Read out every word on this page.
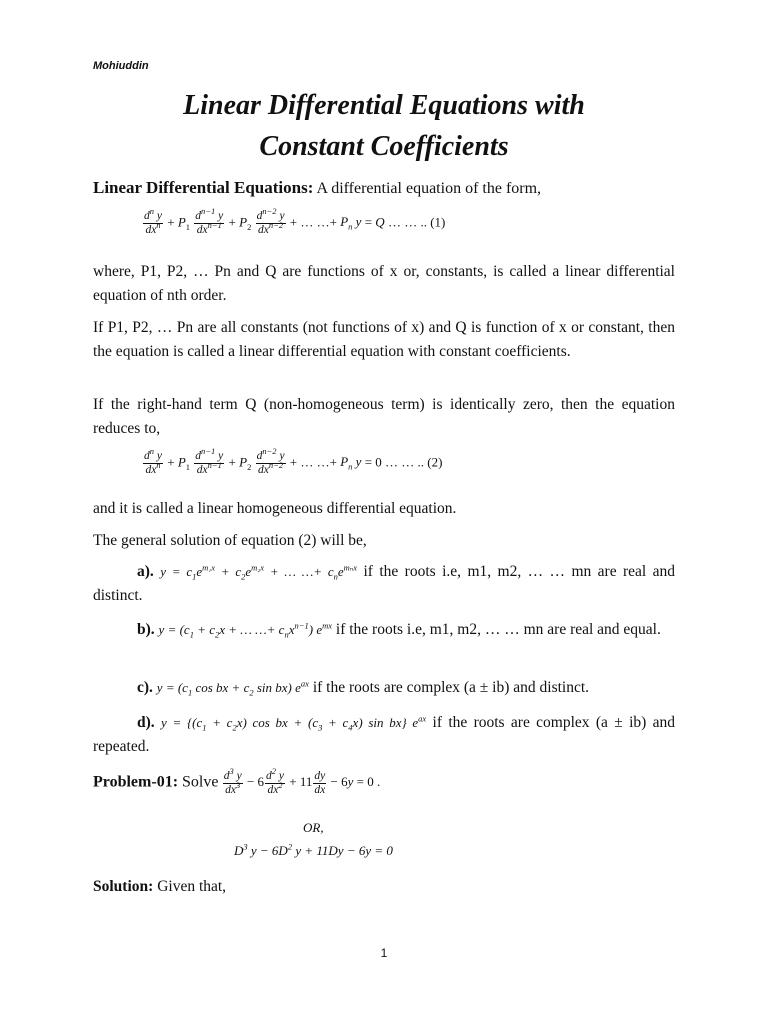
Mohiuddin
Linear Differential Equations with
Constant Coefficients
Linear Differential Equations: A differential equation of the form,
$\frac{d^n y}{dx^n} + P_1 \frac{d^{n-1} y}{dx^{n-1}} + P_2 \frac{d^{n-2} y}{dx^{n-2}}$ + … …+ $P_n$ y = Q … … .. (1)
where, P1, P2, … Pn and Q are functions of x or, constants, is called a linear differential equation of nth order.
If P1, P2, … Pn are all constants (not functions of x) and Q is function of x or constant, then the equation is called a linear differential equation with constant coefficients.
If the right-hand term Q (non-homogeneous term) is identically zero, then the equation reduces to,
$\frac{d^n y}{dx^n} + P_1 \frac{d^{n-1} y}{dx^{n-1}} + P_2 \frac{d^{n-2} y}{dx^{n-2}}$ + … …+ $P_n$ y = 0 … … .. (2)
and it is called a linear homogeneous differential equation.
The general solution of equation (2) will be,
a). $y = c_1e^{m_1x} + c_2e^{m_2x}$ + … …+ $c_ne^{m_nx}$ if the roots i.e, m1, m2, … … mn are real and distinct.
b). $y = (c_1 + c_2x$ + … …+ $c_nx^{n-1}$) $e^{mx}$ if the roots i.e, m1, m2, … … mn are real and equal.
c). $y = (c_1$ cos bx + $c_2$ sin bx) $e^{ax}$ if the roots are complex (a ± ib) and distinct.
d). $y = \{(c_1 + c_2x)$ cos bx + $(c_3 + c_4x)$ sin bx} $e^{ax}$ if the roots are complex (a ± ib) and repeated.
Problem-01: Solve $\frac{d^3 y}{dx^3} - 6 \frac{d^2 y}{dx^2} + 11 \frac{dy}{dx} - 6y = 0$ .
OR,
$D^3$ $y - 6D^2$ y + 11Dy − 6y = 0
Solution: Given that,
1
